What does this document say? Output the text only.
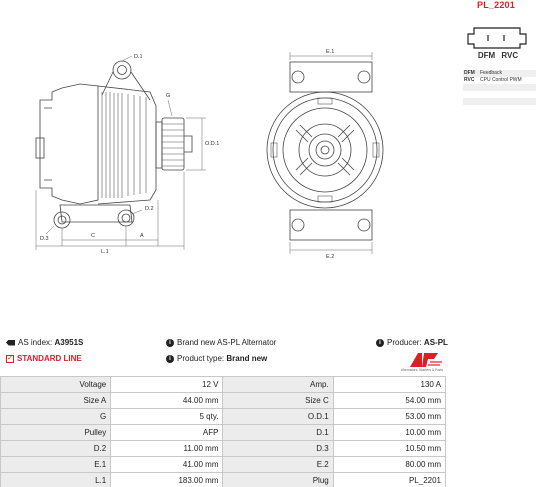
D.1
G
O.D.1
D.2
D.3	C	A
L.1
E.1
E.2
PL_2201
DFM RVC
DFM	Feedback
RVC	CPU Control PWM

AS index:
A3951S
✓ STANDARD LINE
i Brand new AS-PL Alternator
i Product type:
Brand new
i Producer:
AS-PL
Alternators, Starters & Parts
Voltage	12 V	Amp.	130 A
Size A	44.00 mm	Size C	54.00 mm
G	5 qty.	O.D.1	53.00 mm
Pulley	AFP	D.1	10.00 mm
D.2	11.00 mm	D.3	10.50 mm
E.1	41.00 mm	E.2	80.00 mm
L.1	183.00 mm	Plug	PL_2201
